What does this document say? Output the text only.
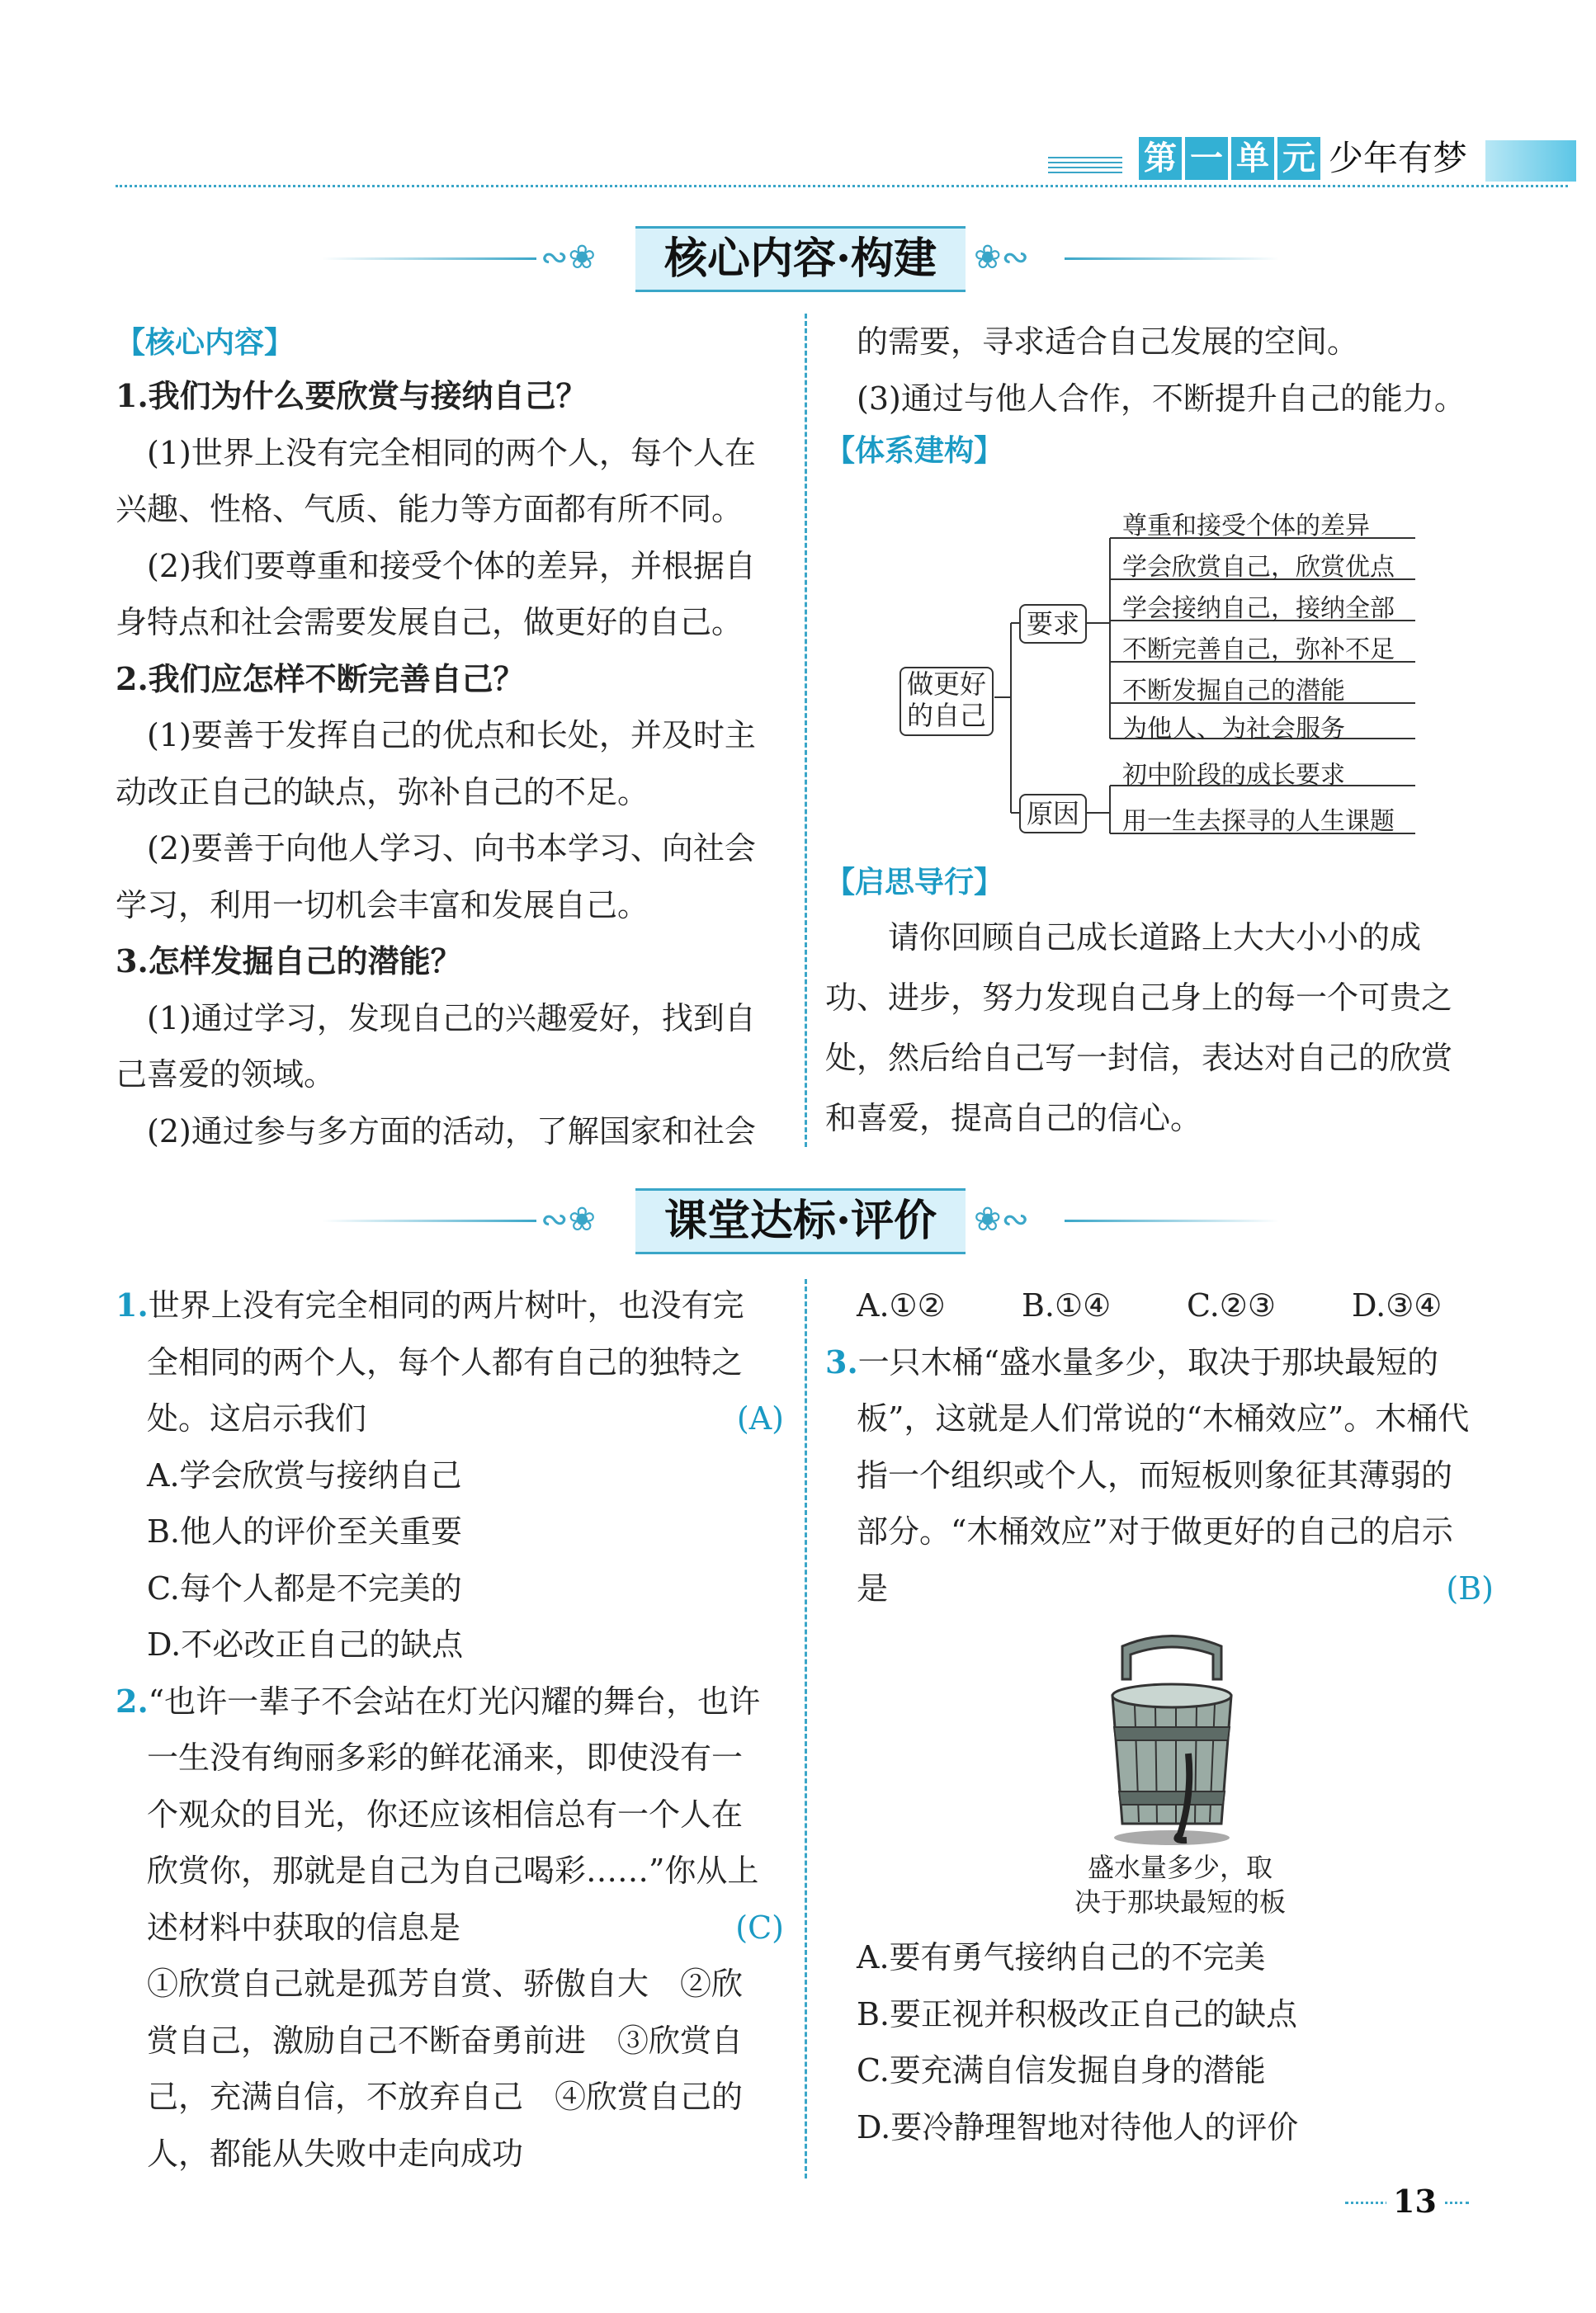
第 一 单 元 少年有梦
∾❀	核心内容·构建	❀∾
【核心内容】
1.我们为什么要欣赏与接纳自己？
(1)世界上没有完全相同的两个人，每个人在
兴趣、性格、气质、能力等方面都有所不同。
(2)我们要尊重和接受个体的差异，并根据自
身特点和社会需要发展自己，做更好的自己。
2.我们应怎样不断完善自己？
(1)要善于发挥自己的优点和长处，并及时主
动改正自己的缺点，弥补自己的不足。
(2)要善于向他人学习、向书本学习、向社会
学习，利用一切机会丰富和发展自己。
3.怎样发掘自己的潜能？
(1)通过学习，发现自己的兴趣爱好，找到自
己喜爱的领域。
(2)通过参与多方面的活动，了解国家和社会
的需要，寻求适合自己发展的空间。
(3)通过与他人合作，不断提升自己的能力。
【体系建构】
做更好的自己
要求
原因
尊重和接受个体的差异
学会欣赏自己，欣赏优点
学会接纳自己，接纳全部
不断完善自己，弥补不足
不断发掘自己的潜能
为他人、为社会服务
初中阶段的成长要求
用一生去探寻的人生课题
【启思导行】
请你回顾自己成长道路上大大小小的成
功、进步，努力发现自己身上的每一个可贵之
处，然后给自己写一封信，表达对自己的欣赏
和喜爱，提高自己的信心。
∾❀	课堂达标·评价	❀∾
1.世界上没有完全相同的两片树叶，也没有完
全相同的两个人，每个人都有自己的独特之
处。这启示我们	(A)
A.学会欣赏与接纳自己
B.他人的评价至关重要
C.每个人都是不完美的
D.不必改正自己的缺点
2.“也许一辈子不会站在灯光闪耀的舞台，也许
一生没有绚丽多彩的鲜花涌来，即使没有一
个观众的目光，你还应该相信总有一个人在
欣赏你，那就是自己为自己喝彩……”你从上
述材料中获取的信息是	(C)
①欣赏自己就是孤芳自赏、骄傲自大　②欣
赏自己，激励自己不断奋勇前进　③欣赏自
己，充满自信，不放弃自己　④欣赏自己的
人，都能从失败中走向成功
A.①②	B.①④	C.②③	D.③④
3.一只木桶“盛水量多少，取决于那块最短的
板”，这就是人们常说的“木桶效应”。木桶代
指一个组织或个人，而短板则象征其薄弱的
部分。“木桶效应”对于做更好的自己的启示
是	(B)
盛水量多少，取
决于那块最短的板
A.要有勇气接纳自己的不完美
B.要正视并积极改正自己的缺点
C.要充满自信发掘自身的潜能
D.要冷静理智地对待他人的评价
13
